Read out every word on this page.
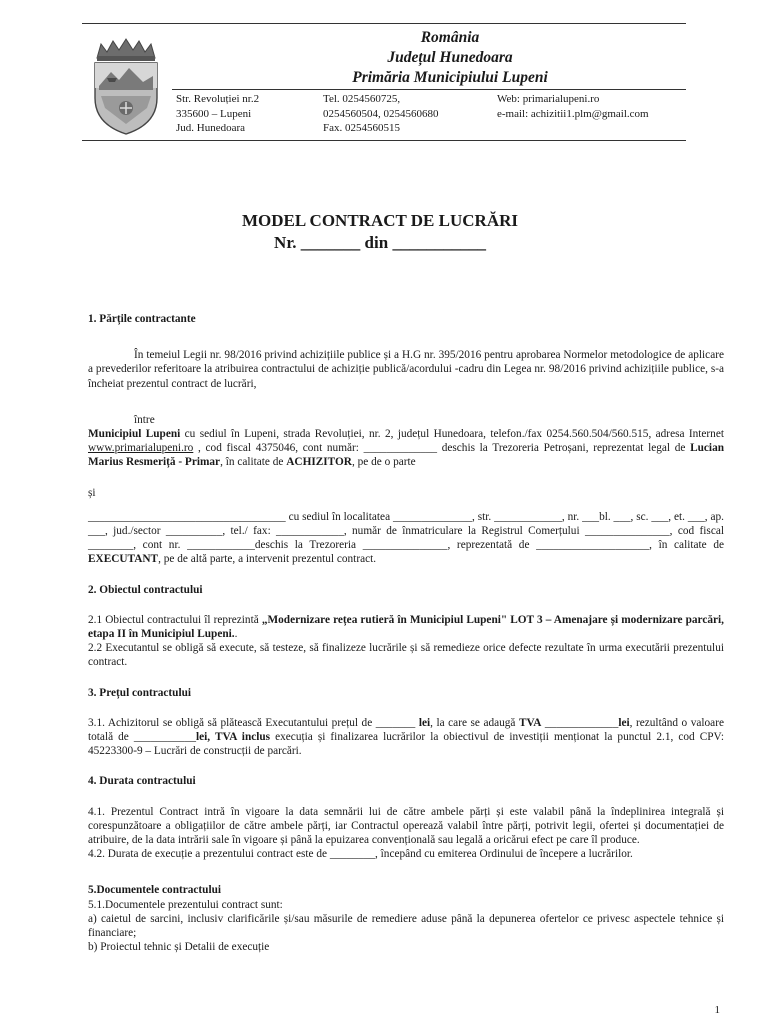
România
Județul Hunedoara
Primăria Municipiului Lupeni
Str. Revoluției nr.2
335600 – Lupeni
Jud. Hunedoara
Tel. 0254560725,
0254560504, 0254560680
Fax. 0254560515
Web: primarialupeni.ro
e-mail: achizitii1.plm@gmail.com
MODEL CONTRACT DE LUCRĂRI
Nr. _______ din ___________

1. Părțile contractante

În temeiul Legii nr. 98/2016 privind achizițiile publice și a H.G nr. 395/2016 pentru aprobarea Normelor metodologice de aplicare a prevederilor referitoare la atribuirea contractului de achiziție publică/acordului -cadru din Legea nr. 98/2016 privind achizițiile publice, s-a încheiat prezentul contract de lucrări,

între

Municipiul Lupeni cu sediul în Lupeni, strada Revoluției, nr. 2, județul Hunedoara, telefon./fax 0254.560.504/560.515, adresa Internet www.primarialupeni.ro , cod fiscal 4375046, cont număr: _____________ deschis la Trezoreria Petroșani, reprezentat legal de Lucian Marius Resmeriță - Primar, în calitate de ACHIZITOR, pe de o parte

și

___________________________________ cu sediul în localitatea ______________, str. ____________, nr. ___bl. ___, sc. ___, et. ___, ap. ___, jud./sector __________, tel./ fax: ____________, număr de înmatriculare la Registrul Comerțului _______________, cod fiscal ________, cont nr. ____________deschis la Trezoreria _______________, reprezentată de ____________________, în calitate de EXECUTANT, pe de altă parte, a intervenit prezentul contract.

2. Obiectul contractului

2.1 Obiectul contractului îl reprezintă „Modernizare rețea rutieră în Municipiul Lupeni" LOT 3 – Amenajare și modernizare parcări, etapa II în Municipiul Lupeni..

2.2 Executantul se obligă să execute, să testeze, să finalizeze lucrările și să remedieze orice defecte rezultate în urma executării prezentului contract.

3. Prețul contractului

3.1. Achizitorul se obligă să plătească Executantului prețul de _______ lei, la care se adaugă TVA _____________lei, rezultând o valoare totală de ___________lei, TVA inclus execuția și finalizarea lucrărilor la obiectivul de investiții menționat la punctul 2.1, cod CPV: 45223300-9 – Lucrări de construcții de parcări.

4. Durata contractului

4.1. Prezentul Contract intră în vigoare la data semnării lui de către ambele părți și este valabil până la îndeplinirea integrală și corespunzătoare a obligațiilor de către ambele părți, iar Contractul operează valabil între părți, potrivit legii, ofertei și documentației de atribuire, de la data intrării sale în vigoare și până la epuizarea convențională sau legală a oricărui efect pe care îl produce.

4.2. Durata de execuție a prezentului contract este de ________, începând cu emiterea Ordinului de începere a lucrărilor.

5.Documentele contractului

5.1.Documentele prezentului contract sunt:

a) caietul de sarcini, inclusiv clarificările și/sau măsurile de remediere aduse până la depunerea ofertelor ce privesc aspectele tehnice și financiare;

b) Proiectul tehnic și Detalii de execuție

1
